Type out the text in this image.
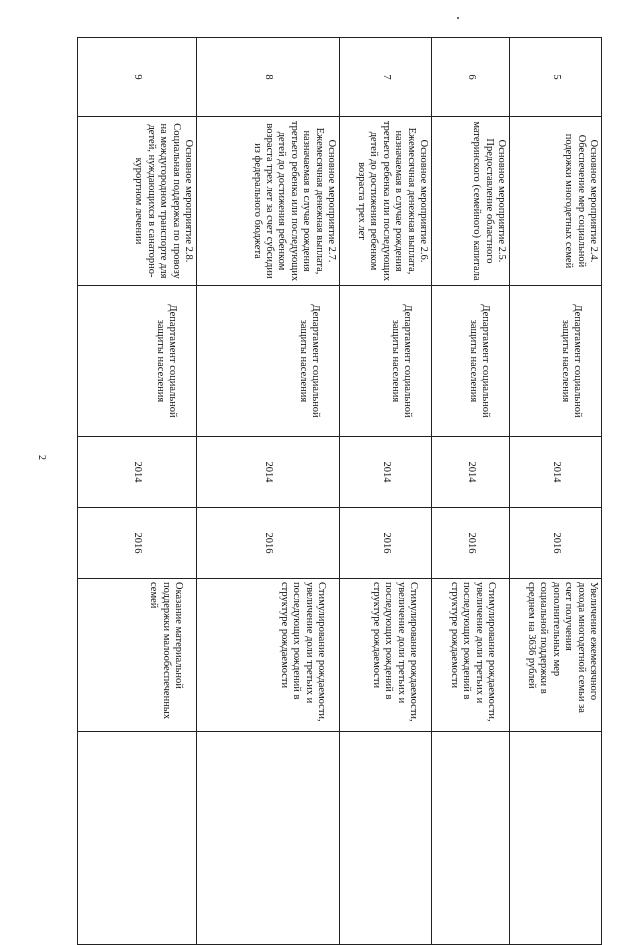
2
5	Основное мероприятие 2.4. Обеспечение мер социальной подержки многодетных семей	Департамент социальной защиты населения	2014	2016	Увеличение ежемесячного дохода многодетной семьи за счет получения дополнительных мер социальной поддержки в среднем на 3636 рублей	
6	Основное мероприятие 2.5. Предоставление областного материнского (семейного) капитала	Департамент социальной защиты населения	2014	2016	Стимулирование рождаемости, увеличение доли третьих и последующих рождений в структуре рождаемости	

7	Основное мероприятие 2.6. Ежемесячная денежная выплата, назначаемая в случае рождения третьего ребенка или последующих детей до достижения ребенком возраста трех лет	Департамент социальной защиты населения	2014	2016	Стимулирование рождаемости, увеличение доли третьих и последующих рождений в структуре рождаемости	

8	Основное мероприятие 2.7. Ежемесячная денежная выплата, назначаемая в случае рождения третьего ребенка или последующих детей до достижения ребенком возраста трех лет за счет субсидии из федерального бюджета	Департамент социальной защиты населения	2014	2016	Стимулирование рождаемости, увеличение доли третьих и последующих рождений в структуре рождаемости	

9	Основное мероприятие 2.8. Социальная поддержка по провозу на междугородном транспорте для детей, нуждающихся в санаторно-курортном лечении	Департамент социальной защиты населения	2014	2016	Оказание материальной поддержки малообеспеченных семей	
